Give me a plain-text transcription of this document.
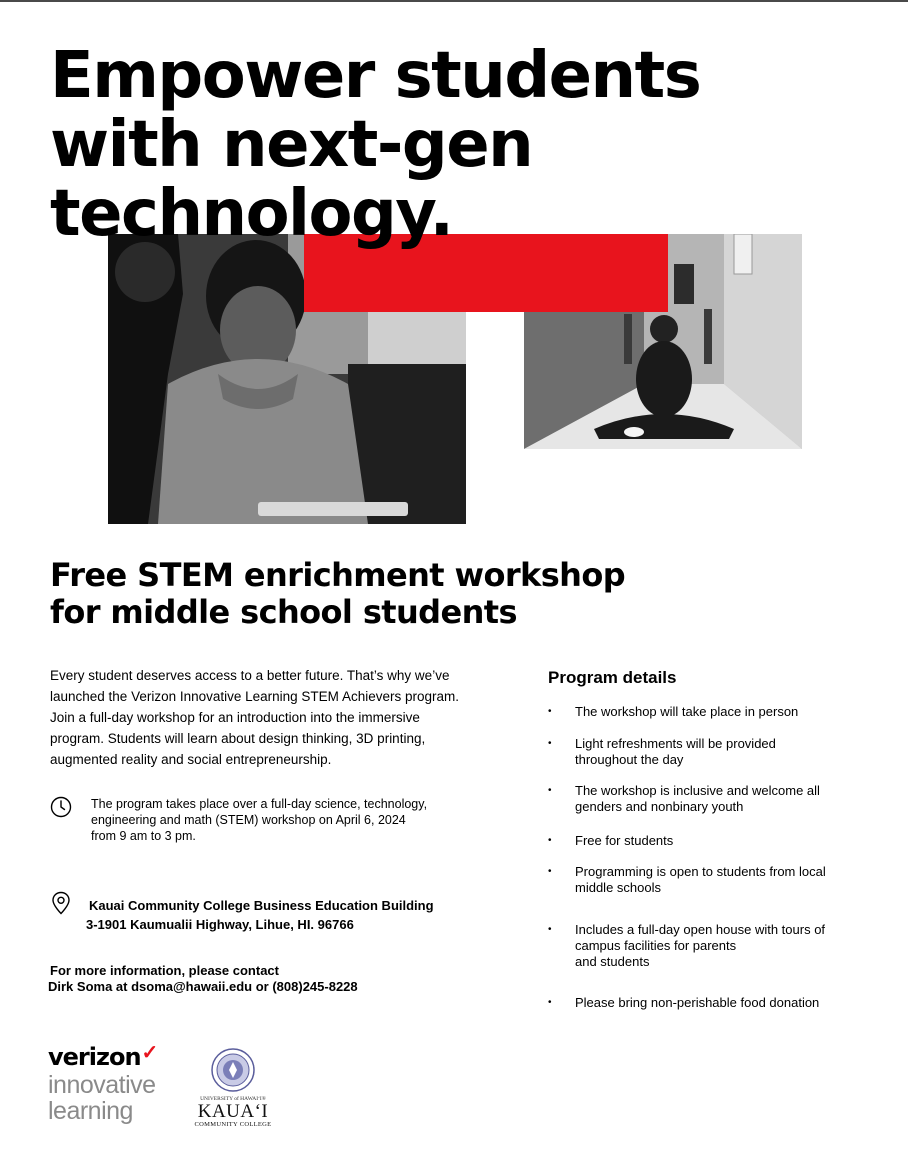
Empower students
with next-gen
technology.
Free STEM enrichment workshop
for middle school students

Every student deserves access to a better future. That’s why we’ve
launched the Verizon Innovative Learning STEM Achievers program.
Join a full-day workshop for an introduction into the immersive
program. Students will learn about design thinking, 3D printing,
augmented reality and social entrepreneurship.

The program takes place over a full-day science, technology,
engineering and math (STEM) workshop on April 6, 2024
from 9 am to 3 pm.

Kauai Community College Business Education Building
3-1901 Kaumualii Highway, Lihue, HI. 96766

For more information, please contact
Dirk Soma at dsoma@hawaii.edu or (808)245-8228

Program details
• The workshop will take place in person
• Light refreshments will be provided
throughout the day
• The workshop is inclusive and welcome all
genders and nonbinary youth
• Free for students
• Programming is open to students from local
middle schools
• Includes a full-day open house with tours of
campus facilities for parents
and students
• Please bring non-perishable food donation
verizon✓
innovative
learning	UNIVERSITY of HAWAIʻI®
KAUAʻI
COMMUNITY COLLEGE
